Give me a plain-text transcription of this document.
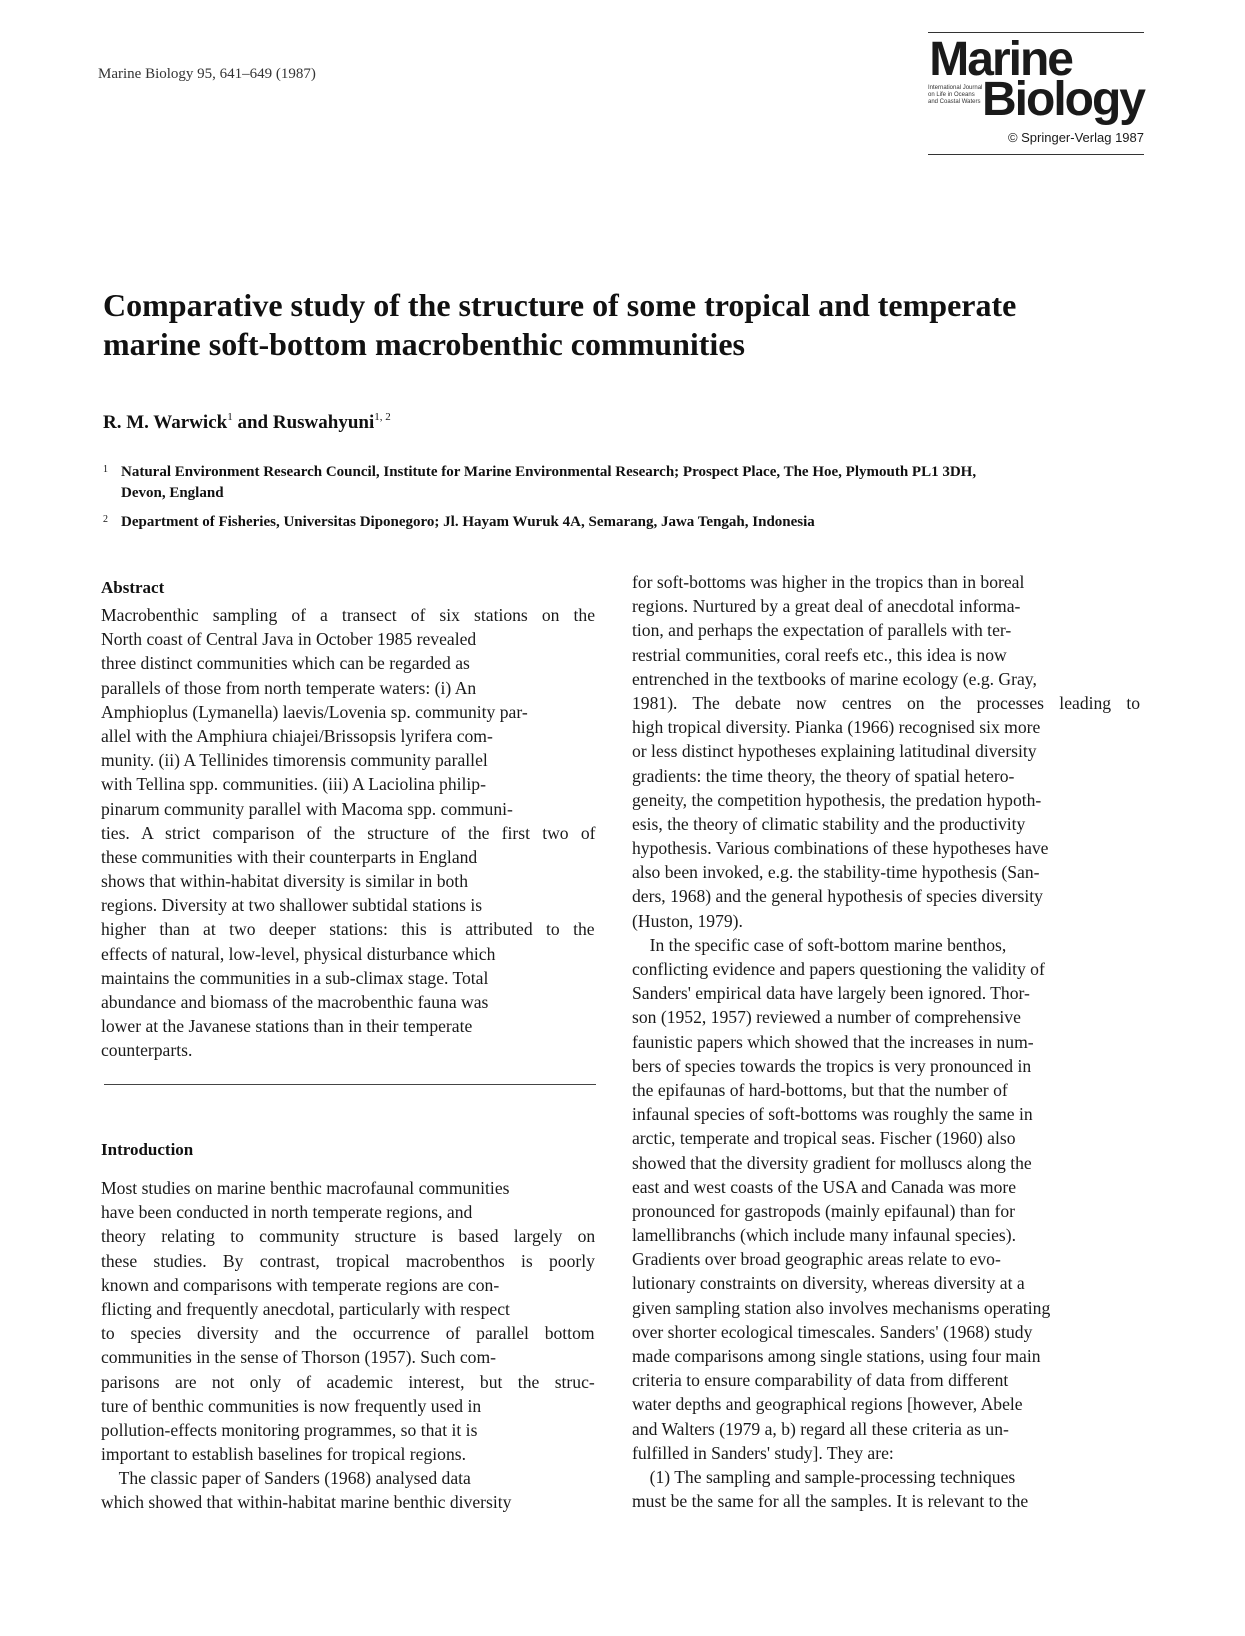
Marine Biology 95, 641–649 (1987)	Marine
International Journal
on Life in Oceans
and Coastal Waters Biology
© Springer-Verlag 1987
Comparative study of the structure of some tropical and temperate
marine soft-bottom macrobenthic communities
R. M. Warwick$^1$ and Ruswahyuni$^{1, 2}$
1 Natural Environment Research Council, Institute for Marine Environmental Research; Prospect Place, The Hoe, Plymouth PL1 3DH,
Devon, England
2 Department of Fisheries, Universitas Diponegoro; Jl. Hayam Wuruk 4A, Semarang, Jawa Tengah, Indonesia
Abstract
Macrobenthic sampling of a transect of six stations on the
North coast of Central Java in October 1985 revealed
three distinct communities which can be regarded as
parallels of those from north temperate waters: (i) An
Amphioplus (Lymanella) laevis/Lovenia sp. community par-
allel with the Amphiura chiajei/Brissopsis lyrifera com-
munity. (ii) A Tellinides timorensis community parallel
with Tellina spp. communities. (iii) A Laciolina philip-
pinarum community parallel with Macoma spp. communi-
ties. A strict comparison of the structure of the first two of
these communities with their counterparts in England
shows that within-habitat diversity is similar in both
regions. Diversity at two shallower subtidal stations is
higher than at two deeper stations: this is attributed to the
effects of natural, low-level, physical disturbance which
maintains the communities in a sub-climax stage. Total
abundance and biomass of the macrobenthic fauna was
lower at the Javanese stations than in their temperate
counterparts.
Introduction
Most studies on marine benthic macrofaunal communities
have been conducted in north temperate regions, and
theory relating to community structure is based largely on
these studies. By contrast, tropical macrobenthos is poorly
known and comparisons with temperate regions are con-
flicting and frequently anecdotal, particularly with respect
to species diversity and the occurrence of parallel bottom
communities in the sense of Thorson (1957). Such com-
parisons are not only of academic interest, but the struc-
ture of benthic communities is now frequently used in
pollution-effects monitoring programmes, so that it is
important to establish baselines for tropical regions.
 The classic paper of Sanders (1968) analysed data
which showed that within-habitat marine benthic diversity
for soft-bottoms was higher in the tropics than in boreal
regions. Nurtured by a great deal of anecdotal informa-
tion, and perhaps the expectation of parallels with ter-
restrial communities, coral reefs etc., this idea is now
entrenched in the textbooks of marine ecology (e.g. Gray,
1981). The debate now centres on the processes leading to
high tropical diversity. Pianka (1966) recognised six more
or less distinct hypotheses explaining latitudinal diversity
gradients: the time theory, the theory of spatial hetero-
geneity, the competition hypothesis, the predation hypoth-
esis, the theory of climatic stability and the productivity
hypothesis. Various combinations of these hypotheses have
also been invoked, e.g. the stability-time hypothesis (San-
ders, 1968) and the general hypothesis of species diversity
(Huston, 1979).
 In the specific case of soft-bottom marine benthos,
conflicting evidence and papers questioning the validity of
Sanders' empirical data have largely been ignored. Thor-
son (1952, 1957) reviewed a number of comprehensive
faunistic papers which showed that the increases in num-
bers of species towards the tropics is very pronounced in
the epifaunas of hard-bottoms, but that the number of
infaunal species of soft-bottoms was roughly the same in
arctic, temperate and tropical seas. Fischer (1960) also
showed that the diversity gradient for molluscs along the
east and west coasts of the USA and Canada was more
pronounced for gastropods (mainly epifaunal) than for
lamellibranchs (which include many infaunal species).
Gradients over broad geographic areas relate to evo-
lutionary constraints on diversity, whereas diversity at a
given sampling station also involves mechanisms operating
over shorter ecological timescales. Sanders' (1968) study
made comparisons among single stations, using four main
criteria to ensure comparability of data from different
water depths and geographical regions [however, Abele
and Walters (1979 a, b) regard all these criteria as un-
fulfilled in Sanders' study]. They are:
 (1) The sampling and sample-processing techniques
must be the same for all the samples. It is relevant to the
